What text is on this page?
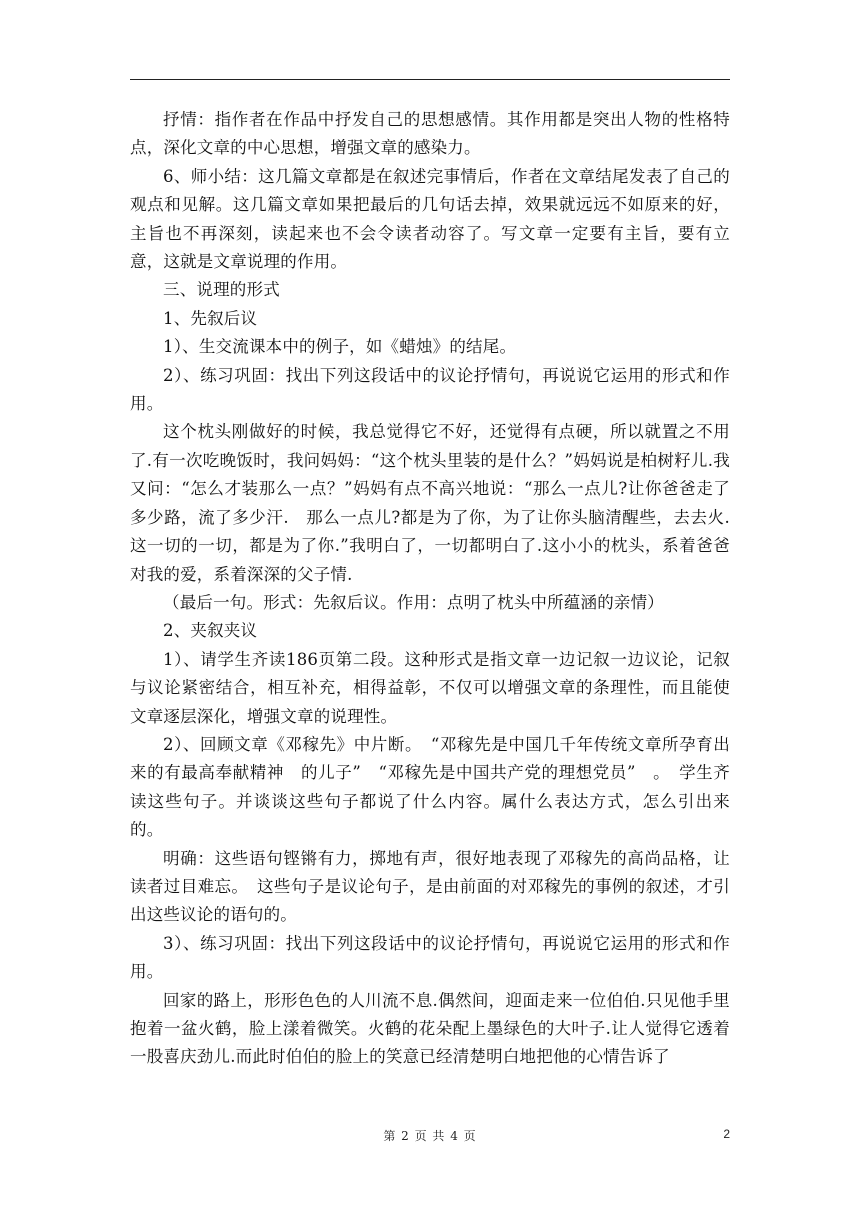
抒情：指作者在作品中抒发自己的思想感情。其作用都是突出人物的性格特点，深化文章的中心思想，增强文章的感染力。

6、师小结：这几篇文章都是在叙述完事情后，作者在文章结尾发表了自己的观点和见解。这几篇文章如果把最后的几句话去掉，效果就远远不如原来的好，主旨也不再深刻，读起来也不会令读者动容了。写文章一定要有主旨，要有立意，这就是文章说理的作用。

三、说理的形式

1、先叙后议

1）、生交流课本中的例子，如《蜡烛》的结尾。

2）、练习巩固：找出下列这段话中的议论抒情句，再说说它运用的形式和作用。

这个枕头刚做好的时候，我总觉得它不好，还觉得有点硬，所以就置之不用了.有一次吃晚饭时，我问妈妈：“这个枕头里装的是什么？”妈妈说是柏树籽儿.我又问：“怎么才装那么一点？”妈妈有点不高兴地说：“那么一点儿?让你爸爸走了多少路，流了多少汗.　那么一点儿?都是为了你，为了让你头脑清醒些，去去火.这一切的一切，都是为了你.”我明白了，一切都明白了.这小小的枕头，系着爸爸对我的爱，系着深深的父子情.

（最后一句。形式：先叙后议。作用：点明了枕头中所蕴涵的亲情）

2、夹叙夹议

1）、请学生齐读186页第二段。这种形式是指文章一边记叙一边议论，记叙与议论紧密结合，相互补充，相得益彰，不仅可以增强文章的条理性，而且能使文章逐层深化，增强文章的说理性。

2）、回顾文章《邓稼先》中片断。　“邓稼先是中国几千年传统文章所孕育出来的有最高奉献精神　的儿子”　“邓稼先是中国共产党的理想党员”　。　学生齐读这些句子。并谈谈这些句子都说了什么内容。属什么表达方式，怎么引出来的。

明确：这些语句铿锵有力，掷地有声，很好地表现了邓稼先的高尚品格，让读者过目难忘。　这些句子是议论句子，是由前面的对邓稼先的事例的叙述，才引出这些议论的语句的。

3）、练习巩固：找出下列这段话中的议论抒情句，再说说它运用的形式和作用。

回家的路上，形形色色的人川流不息.偶然间，迎面走来一位伯伯.只见他手里抱着一盆火鹤，脸上漾着微笑。火鹤的花朵配上墨绿色的大叶子.让人觉得它透着一股喜庆劲儿.而此时伯伯的脸上的笑意已经清楚明白地把他的心情告诉了

第 2 页 共 4 页	2
